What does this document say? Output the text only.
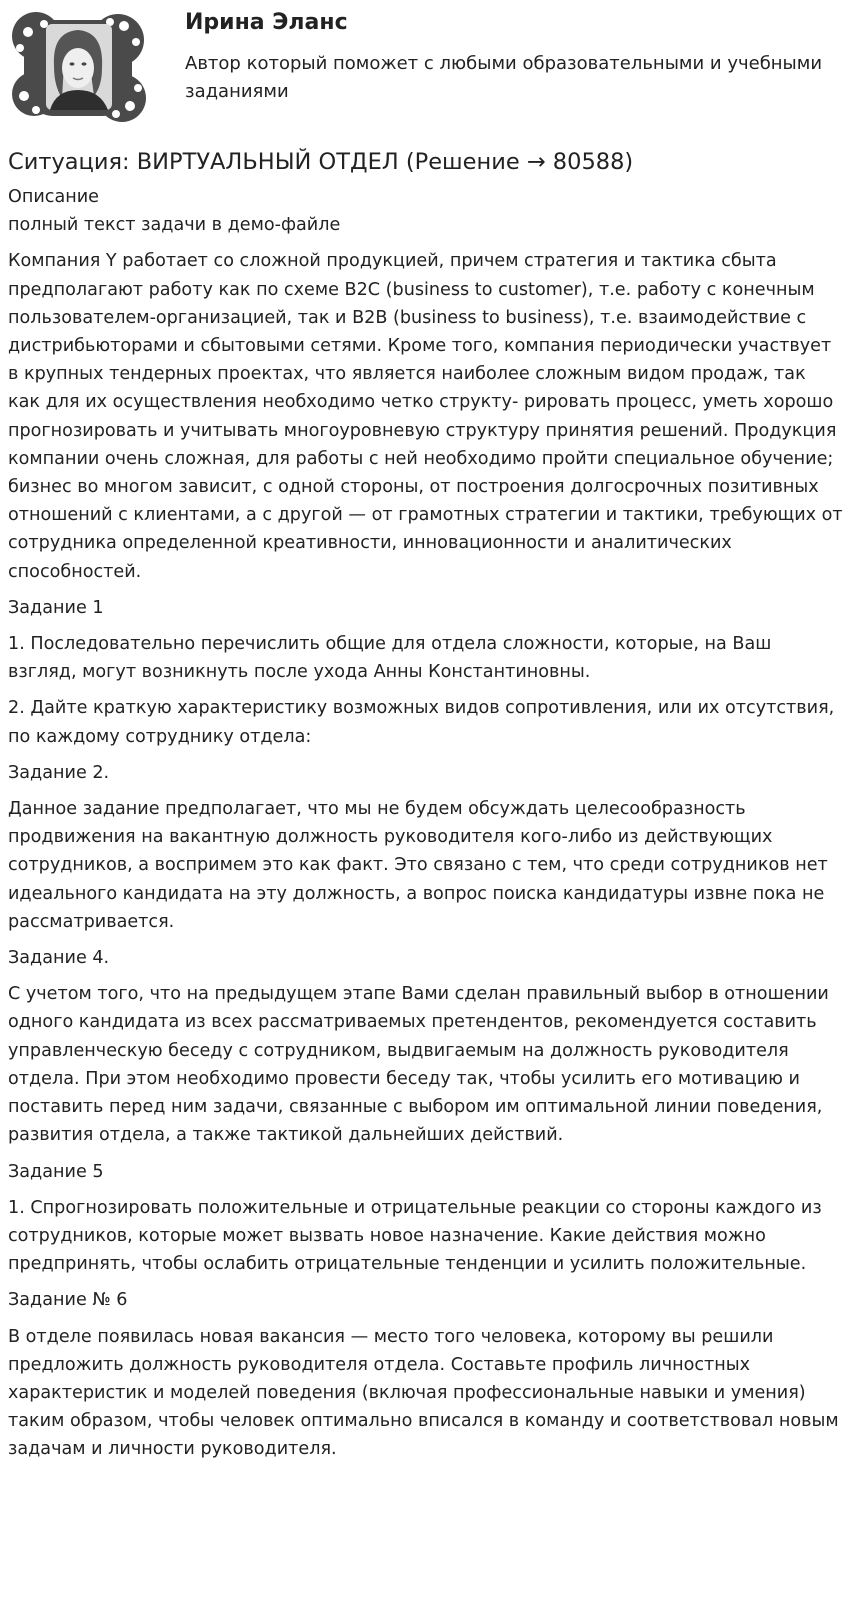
Ирина Эланс
Автор который поможет с любыми образовательными и учебными заданиями
Ситуация: ВИРТУАЛЬНЫЙ ОТДЕЛ (Решение → 80588)

Описание

полный текст задачи в демо-файле

Компания Y работает со сложной продукцией, причем стратегия и тактика сбыта предполагают работу как по схеме B2C (business to customer), т.е. работу с конечным пользователем-организацией, так и B2B (business to business), т.е. взаимодействие с дистрибьюторами и сбытовыми сетями. Кроме того, компания периодически участвует в крупных тендерных проектах, что является наиболее сложным видом продаж, так как для их осуществления необходимо четко структу- рировать процесс, уметь хорошо прогнозировать и учитывать многоуровневую структуру принятия решений. Продукция компании очень сложная, для работы с ней необходимо пройти специальное обучение; бизнес во многом зависит, с одной стороны, от построения долгосрочных позитивных отношений с клиентами, а с другой — от грамотных стратегии и тактики, требующих от сотрудника определенной креативности, инновационности и аналитических способностей.

Задание 1

1. Последовательно перечислить общие для отдела сложности, которые, на Ваш взгляд, могут возникнуть после ухода Анны Константиновны.

2. Дайте краткую характеристику возможных видов сопротивления, или их отсутствия, по каждому сотруднику отдела:

Задание 2.

Данное задание предполагает, что мы не будем обсуждать целесообразность продвижения на вакантную должность руководителя кого-либо из действующих сотрудников, а воспримем это как факт. Это связано с тем, что среди сотрудников нет идеального кандидата на эту должность, а вопрос поиска кандидатуры извне пока не рассматривается.

Задание 4.

С учетом того, что на предыдущем этапе Вами сделан правильный выбор в отношении одного кандидата из всех рассматриваемых претендентов, рекомендуется составить управленческую беседу с сотрудником, выдвигаемым на должность руководителя отдела. При этом необходимо провести беседу так, чтобы усилить его мотивацию и поставить перед ним задачи, связанные с выбором им оптимальной линии поведения, развития отдела, а также тактикой дальнейших действий.

Задание 5

1. Спрогнозировать положительные и отрицательные реакции со стороны каждого из сотрудников, которые может вызвать новое назначение. Какие действия можно предпринять, чтобы ослабить отрицательные тенденции и усилить положительные.

Задание № 6

В отделе появилась новая вакансия — место того человека, которому вы решили предложить должность руководителя отдела. Составьте профиль личностных характеристик и моделей поведения (включая профессиональные навыки и умения) таким образом, чтобы человек оптимально вписался в команду и соответствовал новым задачам и личности руководителя.
